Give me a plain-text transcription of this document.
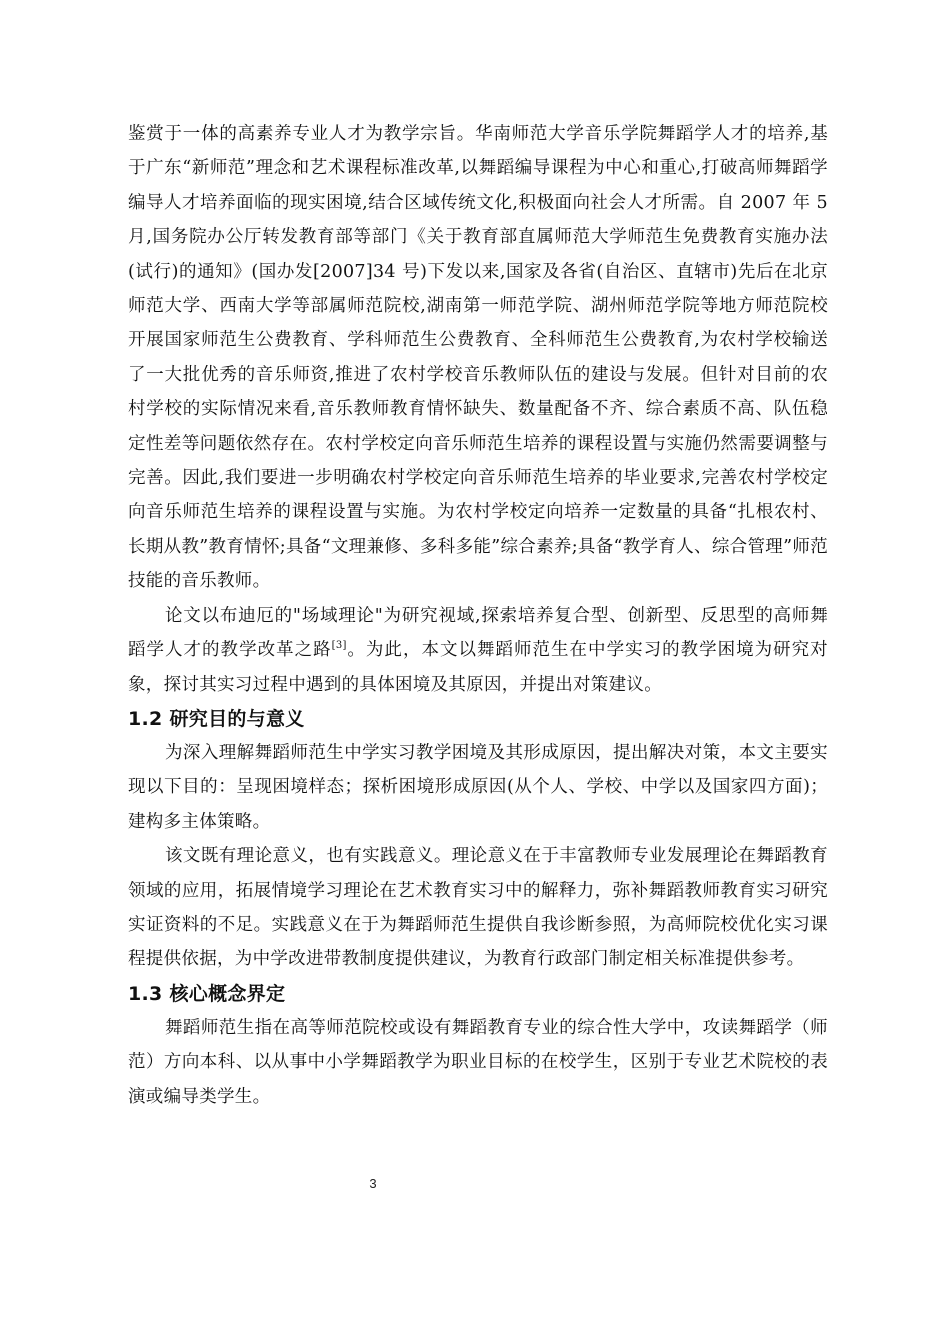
鉴赏于一体的高素养专业人才为教学宗旨。华南师范大学音乐学院舞蹈学人才的培养,基于广东“新师范”理念和艺术课程标准改革,以舞蹈编导课程为中心和重心,打破高师舞蹈学编导人才培养面临的现实困境,结合区域传统文化,积极面向社会人才所需。自 2007 年 5 月,国务院办公厅转发教育部等部门《关于教育部直属师范大学师范生免费教育实施办法(试行)的通知》(国办发[2007]34 号)下发以来,国家及各省(自治区、直辖市)先后在北京师范大学、西南大学等部属师范院校,湖南第一师范学院、湖州师范学院等地方师范院校开展国家师范生公费教育、学科师范生公费教育、全科师范生公费教育,为农村学校输送了一大批优秀的音乐师资,推进了农村学校音乐教师队伍的建设与发展。但针对目前的农村学校的实际情况来看,音乐教师教育情怀缺失、数量配备不齐、综合素质不高、队伍稳定性差等问题依然存在。农村学校定向音乐师范生培养的课程设置与实施仍然需要调整与完善。因此,我们要进一步明确农村学校定向音乐师范生培养的毕业要求,完善农村学校定向音乐师范生培养的课程设置与实施。为农村学校定向培养一定数量的具备“扎根农村、长期从教”教育情怀;具备“文理兼修、多科多能”综合素养;具备“教学育人、综合管理”师范技能的音乐教师。

论文以布迪厄的"场域理论"为研究视域,探索培养复合型、创新型、反思型的高师舞蹈学人才的教学改革之路[3]。为此，本文以舞蹈师范生在中学实习的教学困境为研究对象，探讨其实习过程中遇到的具体困境及其原因，并提出对策建议。

1.2 研究目的与意义

为深入理解舞蹈师范生中学实习教学困境及其形成原因，提出解决对策，本文主要实现以下目的：呈现困境样态；探析困境形成原因(从个人、学校、中学以及国家四方面)；建构多主体策略。

该文既有理论意义，也有实践意义。理论意义在于丰富教师专业发展理论在舞蹈教育领域的应用，拓展情境学习理论在艺术教育实习中的解释力，弥补舞蹈教师教育实习研究实证资料的不足。实践意义在于为舞蹈师范生提供自我诊断参照，为高师院校优化实习课程提供依据，为中学改进带教制度提供建议，为教育行政部门制定相关标准提供参考。

1.3 核心概念界定

舞蹈师范生指在高等师范院校或设有舞蹈教育专业的综合性大学中，攻读舞蹈学（师范）方向本科、以从事中小学舞蹈教学为职业目标的在校学生，区别于专业艺术院校的表演或编导类学生。

3
